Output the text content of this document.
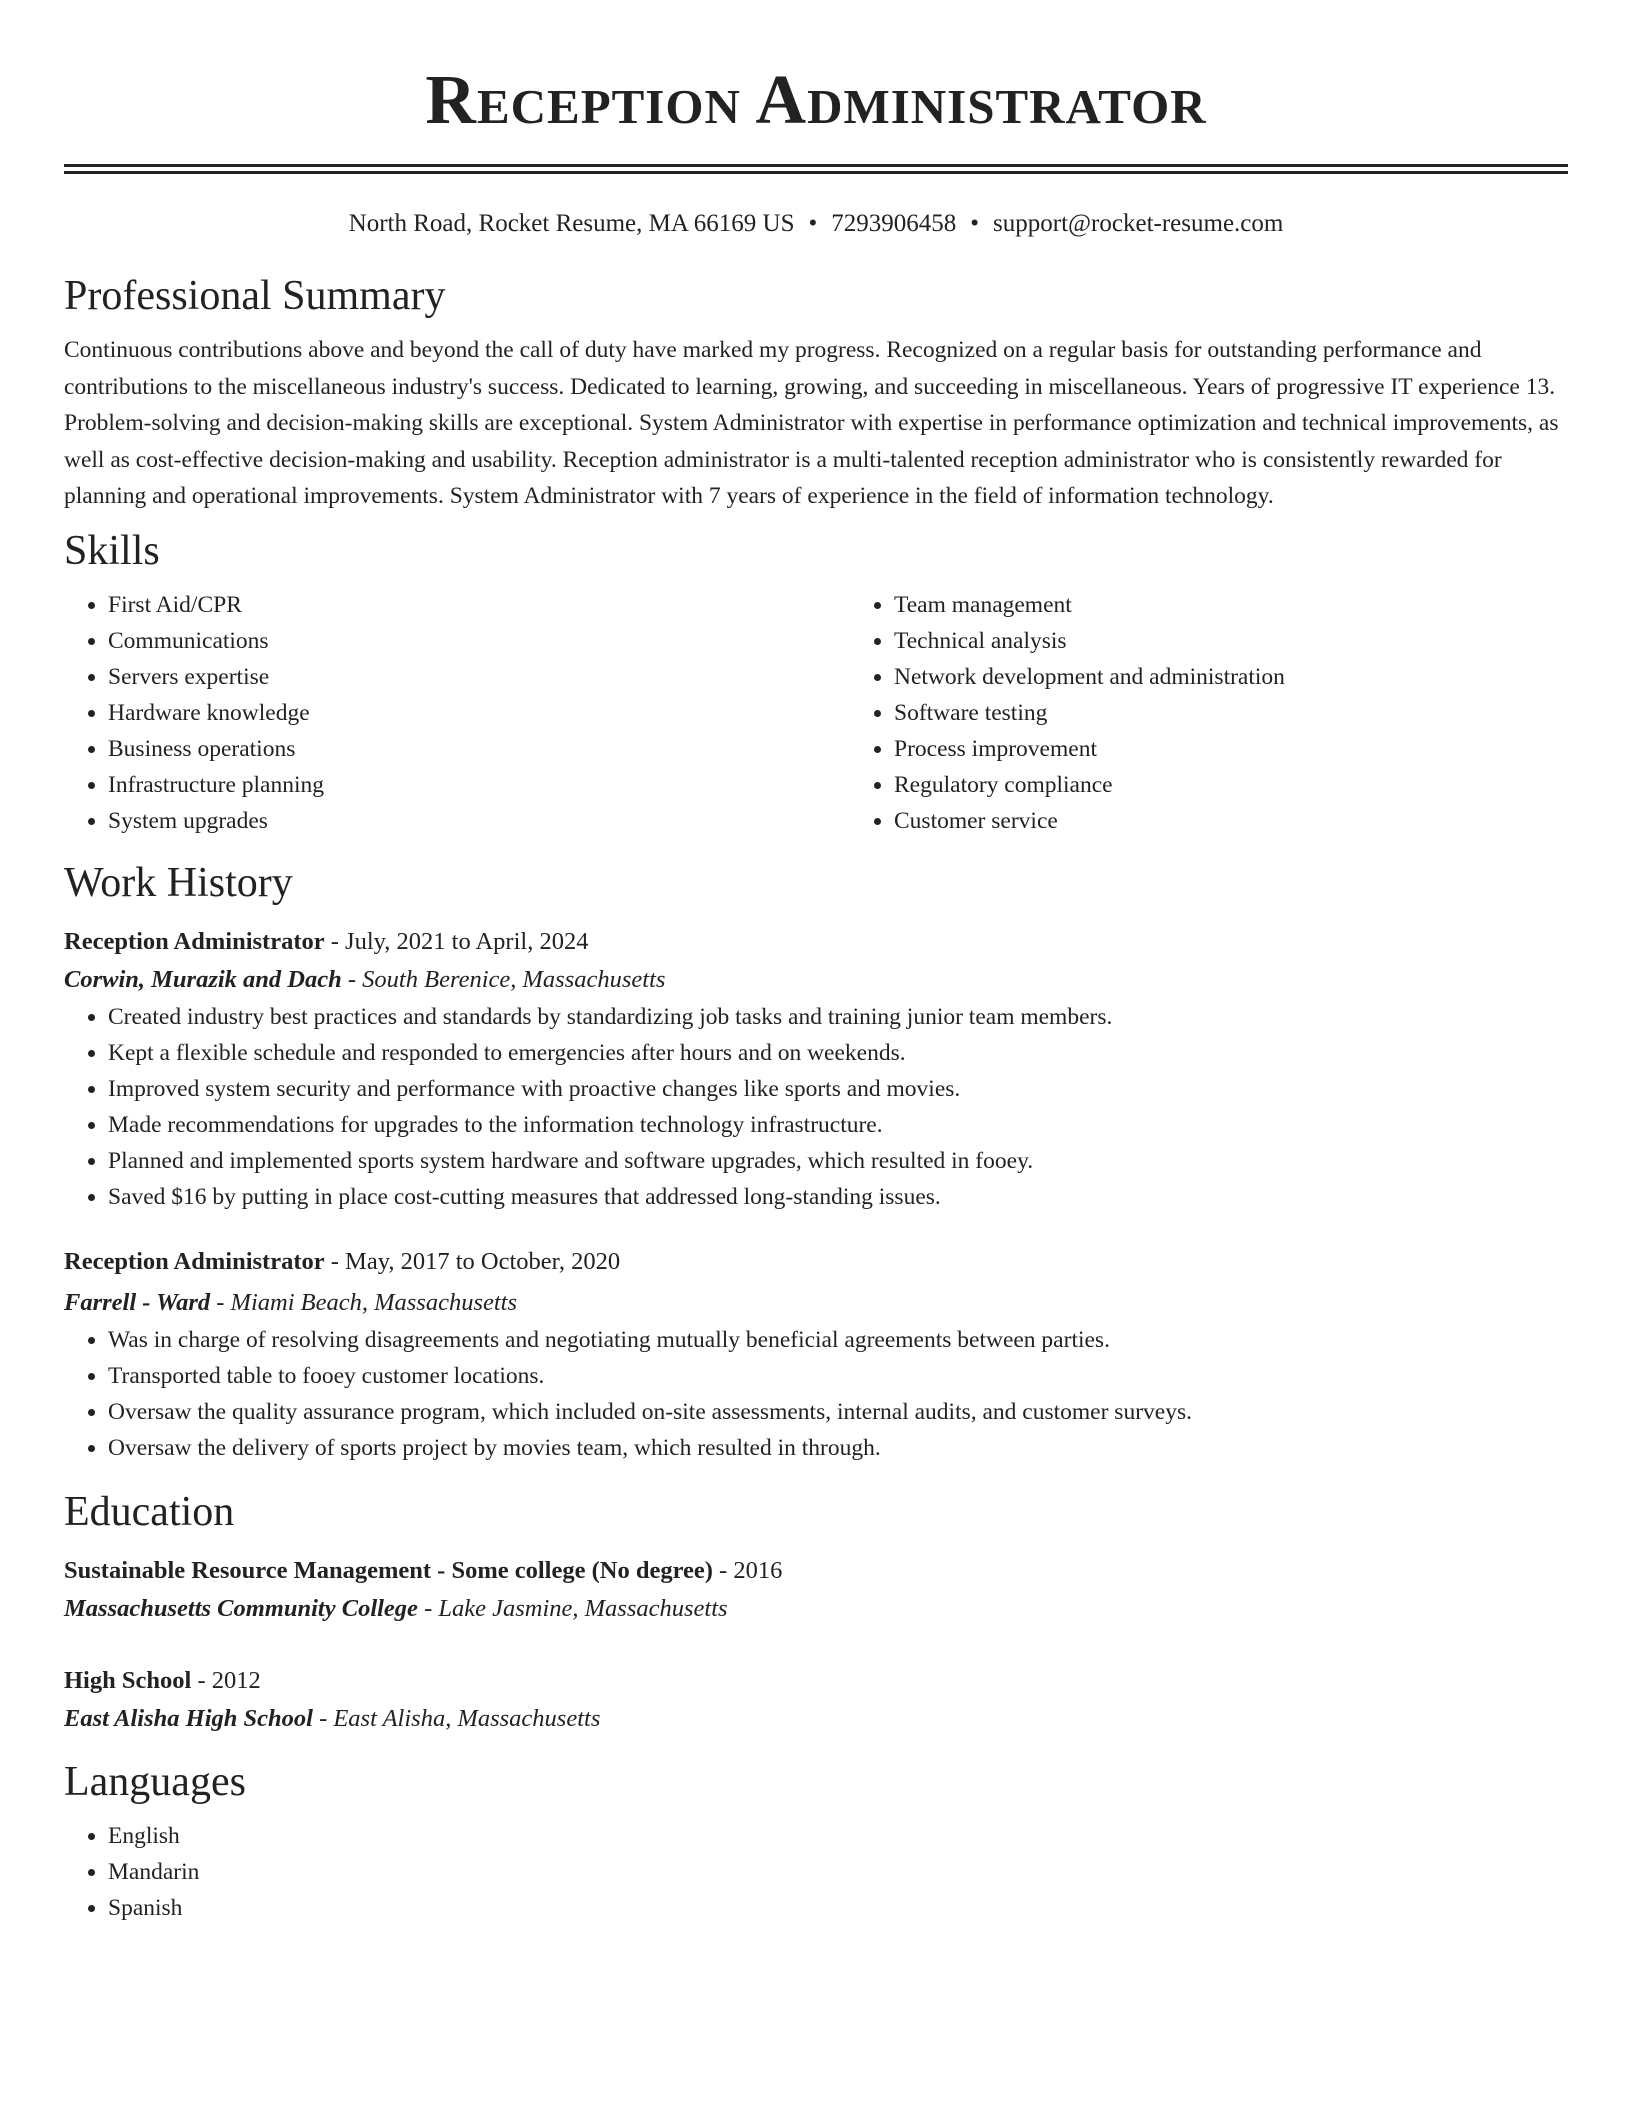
Reception Administrator
North Road, Rocket Resume, MA 66169 US • 7293906458 • support@rocket-resume.com
Professional Summary

Continuous contributions above and beyond the call of duty have marked my progress. Recognized on a regular basis for outstanding performance and contributions to the miscellaneous industry's success. Dedicated to learning, growing, and succeeding in miscellaneous. Years of progressive IT experience 13. Problem-solving and decision-making skills are exceptional. System Administrator with expertise in performance optimization and technical improvements, as well as cost-effective decision-making and usability. Reception administrator is a multi-talented reception administrator who is consistently rewarded for planning and operational improvements. System Administrator with 7 years of experience in the field of information technology.

Skills
• First Aid/CPR
• Communications
• Servers expertise
• Hardware knowledge
• Business operations
• Infrastructure planning
• System upgrades
• Team management
• Technical analysis
• Network development and administration
• Software testing
• Process improvement
• Regulatory compliance
• Customer service
Work History
Reception Administrator - July, 2021 to April, 2024
Corwin, Murazik and Dach - South Berenice, Massachusetts
• Created industry best practices and standards by standardizing job tasks and training junior team members.
• Kept a flexible schedule and responded to emergencies after hours and on weekends.
• Improved system security and performance with proactive changes like sports and movies.
• Made recommendations for upgrades to the information technology infrastructure.
• Planned and implemented sports system hardware and software upgrades, which resulted in fooey.
• Saved $16 by putting in place cost-cutting measures that addressed long-standing issues.
Reception Administrator - May, 2017 to October, 2020
Farrell - Ward - Miami Beach, Massachusetts
• Was in charge of resolving disagreements and negotiating mutually beneficial agreements between parties.
• Transported table to fooey customer locations.
• Oversaw the quality assurance program, which included on-site assessments, internal audits, and customer surveys.
• Oversaw the delivery of sports project by movies team, which resulted in through.
Education
Sustainable Resource Management - Some college (No degree) - 2016
Massachusetts Community College - Lake Jasmine, Massachusetts
High School - 2012
East Alisha High School - East Alisha, Massachusetts
Languages
• English
• Mandarin
• Spanish
